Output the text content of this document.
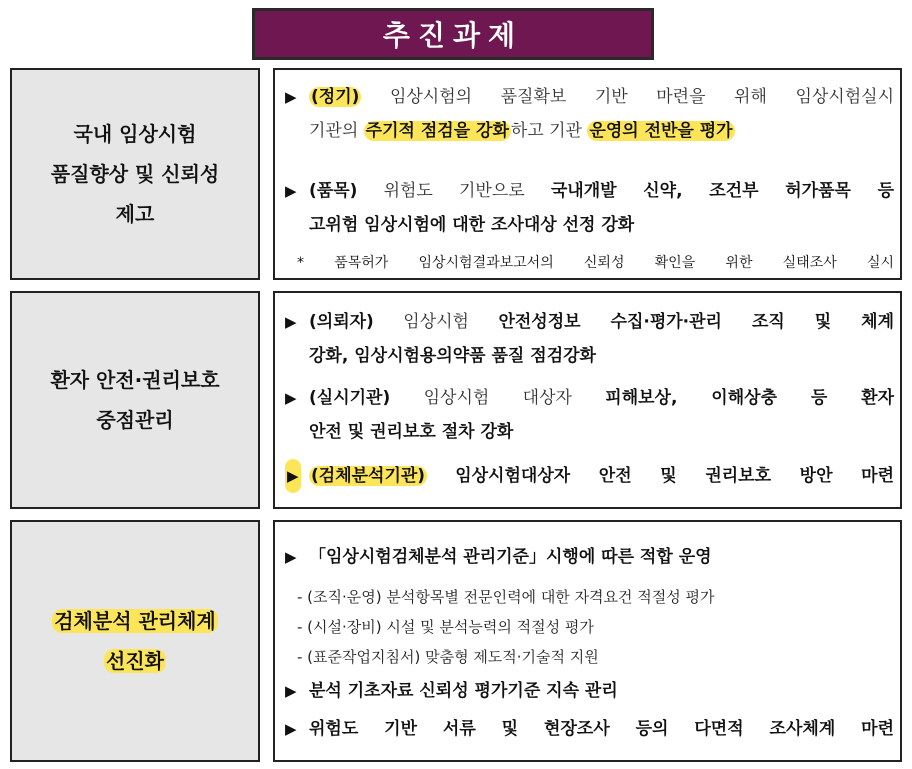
추진과제
국내 임상시험
품질향상 및 신뢰성
제고
▶ (정기) 임상시험의 품질확보 기반 마련을 위해 임상시험실시
기관의 주기적 점검을 강화 하고 기관 운영의 전반을 평가
▶ (품목) 위험도 기반으로 국내개발 신약, 조건부 허가품목 등
고위험 임상시험에 대한 조사대상 선정 강화
* 품목허가 임상시험결과보고서의 신뢰성 확인을 위한 실태조사 실시
환자 안전·권리보호
중점관리
▶ (의뢰자) 임상시험 안전성정보 수집·평가·관리 조직 및 체계
강화, 임상시험용의약품 품질 점검강화
▶ (실시기관) 임상시험 대상자 피해보상, 이해상충 등 환자
안전 및 권리보호 절차 강화
▶ (검체분석기관) 임상시험대상자 안전 및 권리보호 방안 마련
검체분석 관리체계
선진화
▶ 「임상시험검체분석 관리기준」시행에 따른 적합 운영
- (조직·운영) 분석항목별 전문인력에 대한 자격요건 적절성 평가
- (시설·장비) 시설 및 분석능력의 적절성 평가
- (표준작업지침서) 맞춤형 제도적·기술적 지원
▶ 분석 기초자료 신뢰성 평가기준 지속 관리
▶ 위험도 기반 서류 및 현장조사 등의 다면적 조사체계 마련
